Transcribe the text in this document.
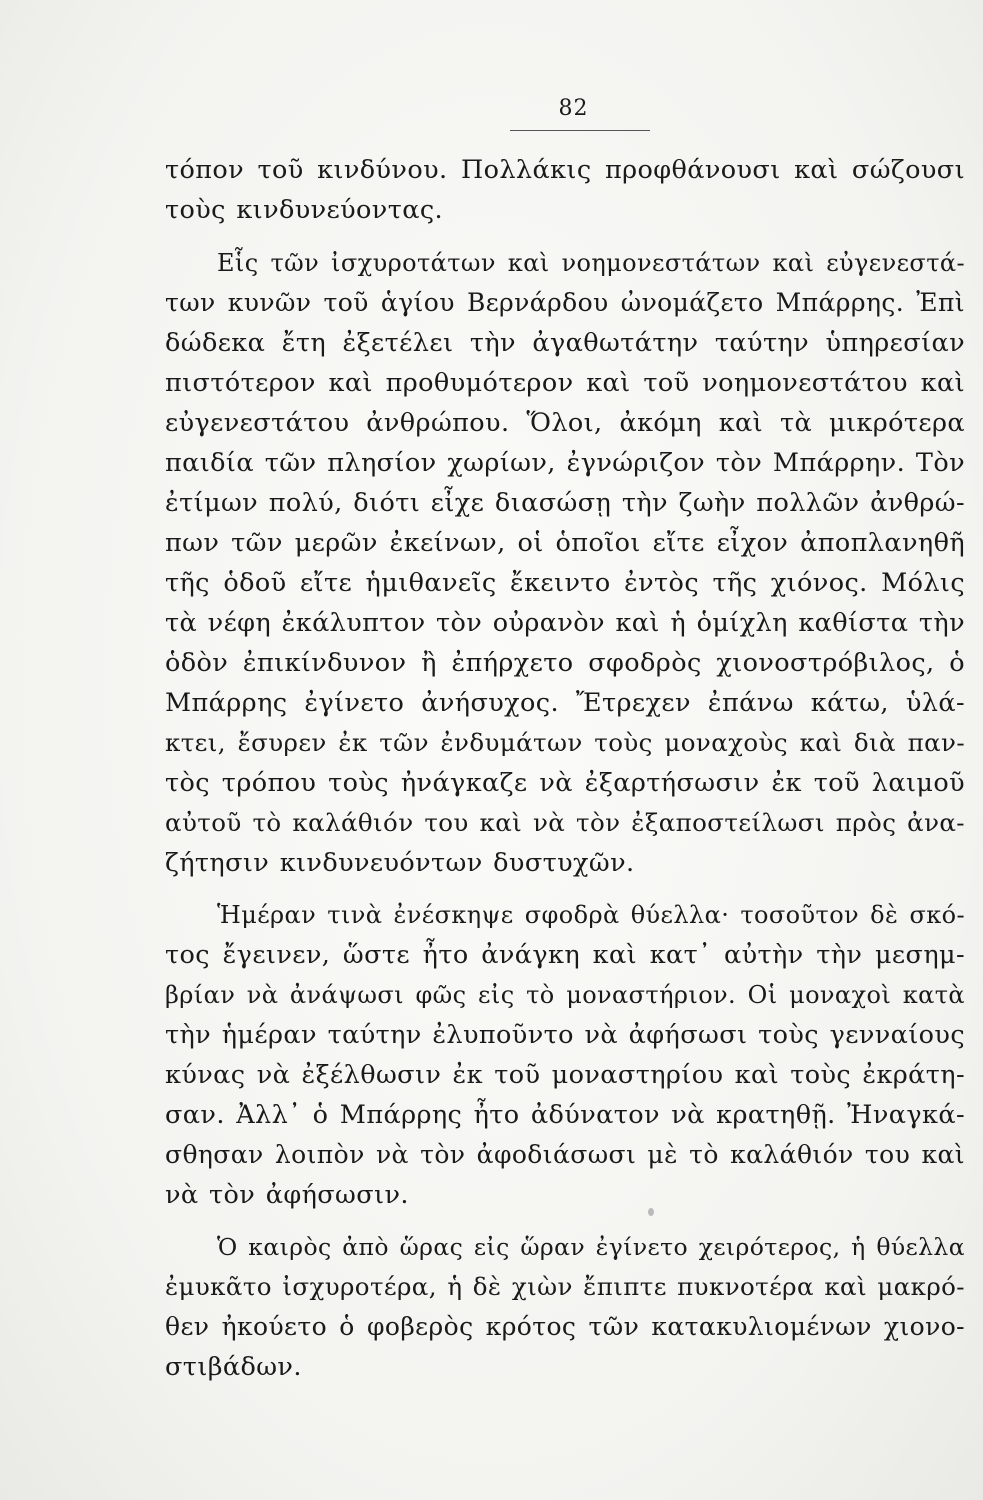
82
τόπον τοῦ κινδύνου. Πολλάκις προφθάνουσι καὶ σώζουσι
τοὺς κινδυνεύοντας.
Εἷς τῶν ἰσχυροτάτων καὶ νοημονεστάτων καὶ εὐγενεστά-
των κυνῶν τοῦ ἁγίου Βερνάρδου ὠνομάζετο Μπάρρης. Ἐπὶ
δώδεκα ἔτη ἐξετέλει τὴν ἀγαθωτάτην ταύτην ὑπηρεσίαν
πιστότερον καὶ προθυμότερον καὶ τοῦ νοημονεστάτου καὶ
εὐγενεστάτου ἀνθρώπου. Ὅλοι, ἀκόμη καὶ τὰ μικρότερα
παιδία τῶν πλησίον χωρίων, ἐγνώριζον τὸν Μπάρρην. Τὸν
ἐτίμων πολύ, διότι εἶχε διασώσῃ τὴν ζωὴν πολλῶν ἀνθρώ-
πων τῶν μερῶν ἐκείνων, οἱ ὁποῖοι εἴτε εἶχον ἀποπλανηθῆ
τῆς ὁδοῦ εἴτε ἡμιθανεῖς ἔκειντο ἐντὸς τῆς χιόνος. Μόλις
τὰ νέφη ἐκάλυπτον τὸν οὐρανὸν καὶ ἡ ὁμίχλη καθίστα τὴν
ὁδὸν ἐπικίνδυνον ἢ ἐπήρχετο σφοδρὸς χιονοστρόβιλος, ὁ
Μπάρρης ἐγίνετο ἀνήσυχος. Ἔτρεχεν ἐπάνω κάτω, ὑλά-
κτει, ἔσυρεν ἐκ τῶν ἐνδυμάτων τοὺς μοναχοὺς καὶ διὰ παν-
τὸς τρόπου τοὺς ἠνάγκαζε νὰ ἐξαρτήσωσιν ἐκ τοῦ λαιμοῦ
αὐτοῦ τὸ καλάθιόν του καὶ νὰ τὸν ἐξαποστείλωσι πρὸς ἀνα-
ζήτησιν κινδυνευόντων δυστυχῶν.
Ἡμέραν τινὰ ἐνέσκηψε σφοδρὰ θύελλα· τοσοῦτον δὲ σκό-
τος ἔγεινεν, ὥστε ἦτο ἀνάγκη καὶ κατ᾽ αὐτὴν τὴν μεσημ-
βρίαν νὰ ἀνάψωσι φῶς εἰς τὸ μοναστήριον. Οἱ μοναχοὶ κατὰ
τὴν ἡμέραν ταύτην ἐλυποῦντο νὰ ἀφήσωσι τοὺς γενναίους
κύνας νὰ ἐξέλθωσιν ἐκ τοῦ μοναστηρίου καὶ τοὺς ἐκράτη-
σαν. Ἀλλ᾽ ὁ Μπάρρης ἦτο ἀδύνατον νὰ κρατηθῇ. Ἠναγκά-
σθησαν λοιπὸν νὰ τὸν ἀφοδιάσωσι μὲ τὸ καλάθιόν του καὶ
νὰ τὸν ἀφήσωσιν.
Ὁ καιρὸς ἀπὸ ὥρας εἰς ὥραν ἐγίνετο χειρότερος, ἡ θύελλα
ἐμυκᾶτο ἰσχυροτέρα, ἡ δὲ χιὼν ἔπιπτε πυκνοτέρα καὶ μακρό-
θεν ἠκούετο ὁ φοβερὸς κρότος τῶν κατακυλιομένων χιονο-
στιβάδων.
